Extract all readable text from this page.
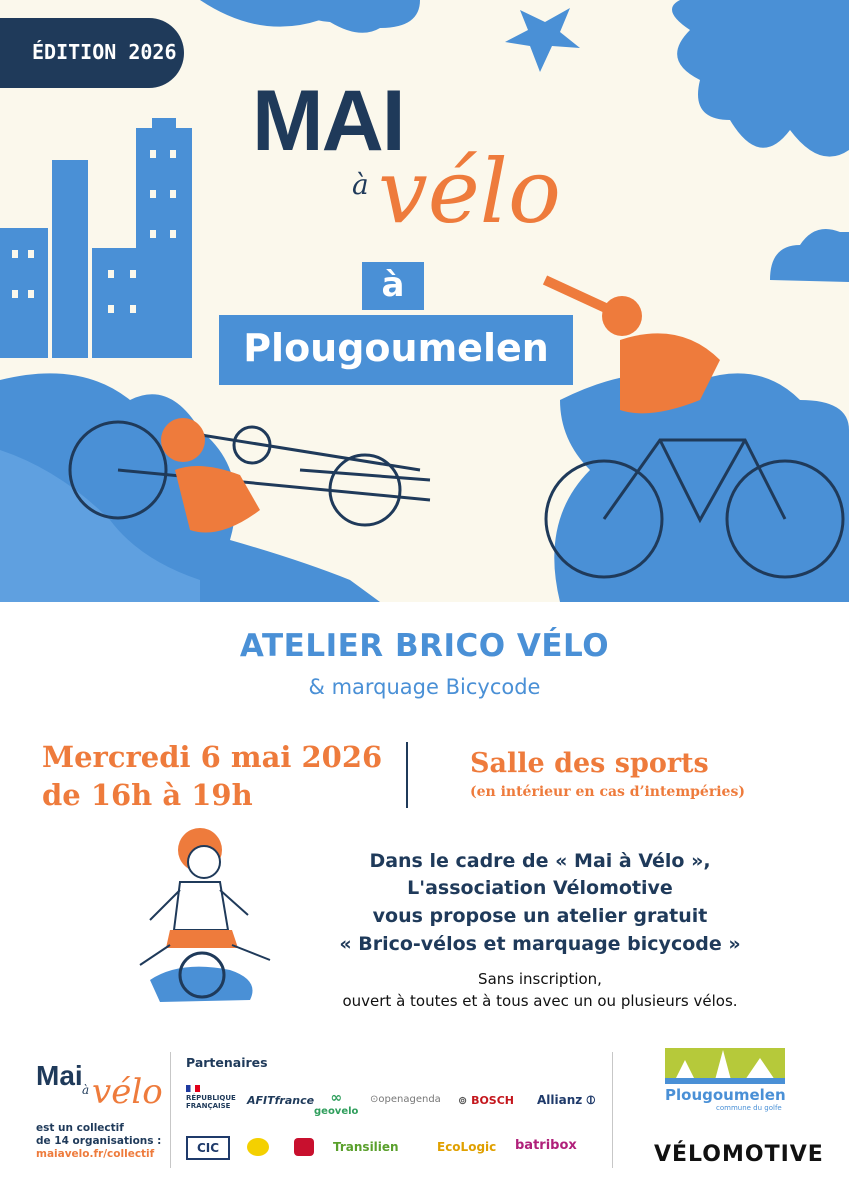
ÉDITION 2026
MAI
à vélo
à
Plougoumelen
ATELIER BRICO VÉLO
& marquage Bicycode
Mercredi 6 mai 2026
de 16h à 19h
Salle des sports
(en intérieur en cas d’intempéries)
Dans le cadre de « Mai à Vélo »,
L'association Vélomotive
vous propose un atelier gratuit
« Brico-vélos et marquage bicycode »
Sans inscription,
ouvert à toutes et à tous avec un ou plusieurs vélos.
Mai à vélo
est un collectif
de 14 organisations :
maiavelo.fr/collectif
Partenaires
RÉPUBLIQUE
FRANÇAISE	AFITfrance	∞
geovelo
⊙openagenda ⊚ BOSCH Allianz ⦶
CIC	Transilien	EcoLogic batribox
Plougoumelen
commune du golfe
VÉLOMOTIVE
